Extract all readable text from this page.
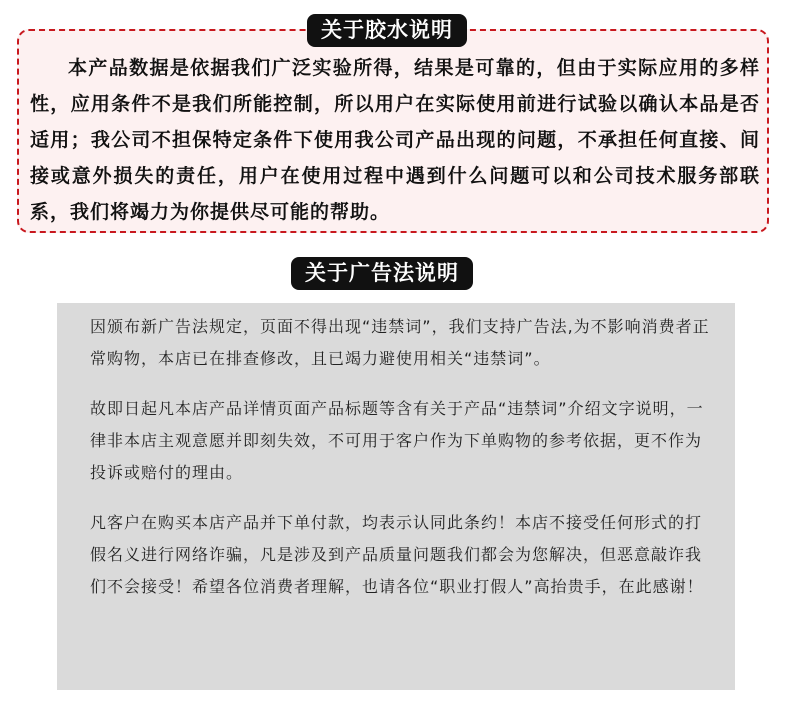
关于胶水说明

本产品数据是依据我们广泛实验所得，结果是可靠的，但由于实际应用的多样性，应用条件不是我们所能控制，所以用户在实际使用前进行试验以确认本品是否适用；我公司不担保特定条件下使用我公司产品出现的问题，不承担任何直接、间接或意外损失的责任，用户在使用过程中遇到什么问题可以和公司技术服务部联系，我们将竭力为你提供尽可能的帮助。

关于广告法说明

因颁布新广告法规定，页面不得出现“违禁词”，我们支持广告法,为不影响消费者正常购物，本店已在排查修改，且已竭力避使用相关“违禁词”。

故即日起凡本店产品详情页面产品标题等含有关于产品“违禁词”介绍文字说明，一律非本店主观意愿并即刻失效，不可用于客户作为下单购物的参考依据，更不作为投诉或赔付的理由。

凡客户在购买本店产品并下单付款，均表示认同此条约！本店不接受任何形式的打假名义进行网络诈骗，凡是涉及到产品质量问题我们都会为您解决，但恶意敲诈我们不会接受！希望各位消费者理解，也请各位“职业打假人”高抬贵手，在此感谢！
